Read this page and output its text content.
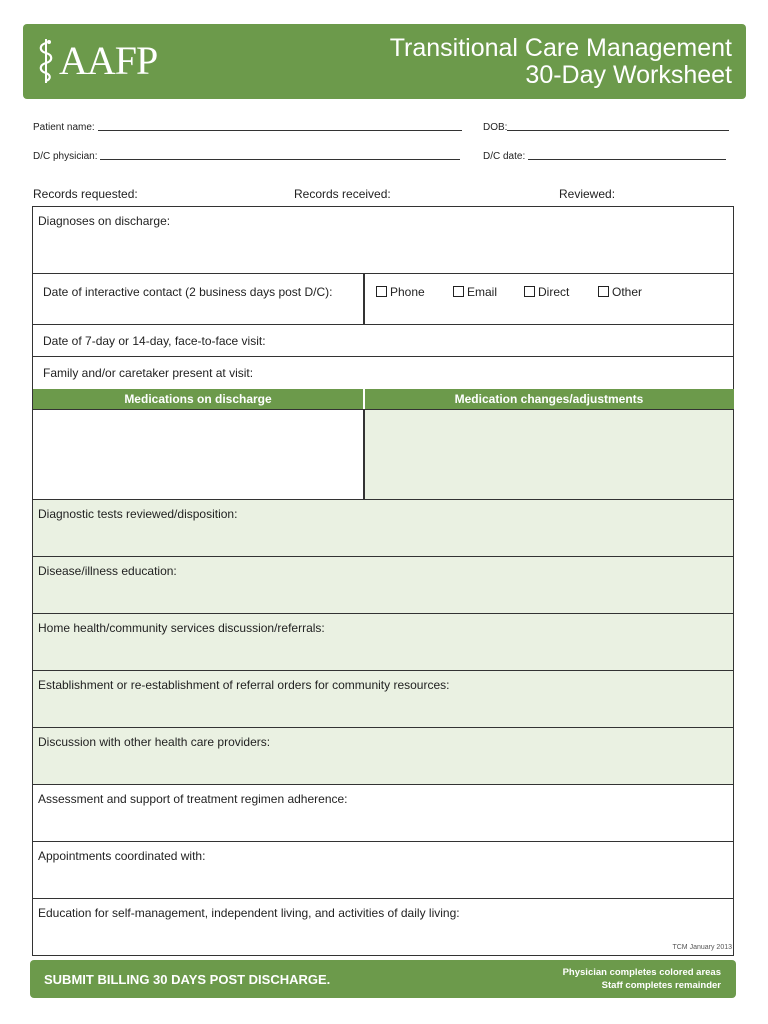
AAFP	Transitional Care Management
30-Day Worksheet
Patient name:	DOB:
D/C physician:	D/C date:
Records requested:	Records received:	Reviewed:
Diagnoses on discharge:
Date of interactive contact (2 business days post D/C):	Phone	Email	Direct	Other
Date of 7-day or 14-day, face-to-face visit:
Family and/or caretaker present at visit:
Medications on discharge	Medication changes/adjustments
Diagnostic tests reviewed/disposition:
Disease/illness education:
Home health/community services discussion/referrals:
Establishment or re-establishment of referral orders for community resources:
Discussion with other health care providers:
Assessment and support of treatment regimen adherence:
Appointments coordinated with:
Education for self-management, independent living, and activities of daily living:
TCM January 2013
SUBMIT BILLING 30 DAYS POST DISCHARGE.	Physician completes colored areas
Staff completes remainder
